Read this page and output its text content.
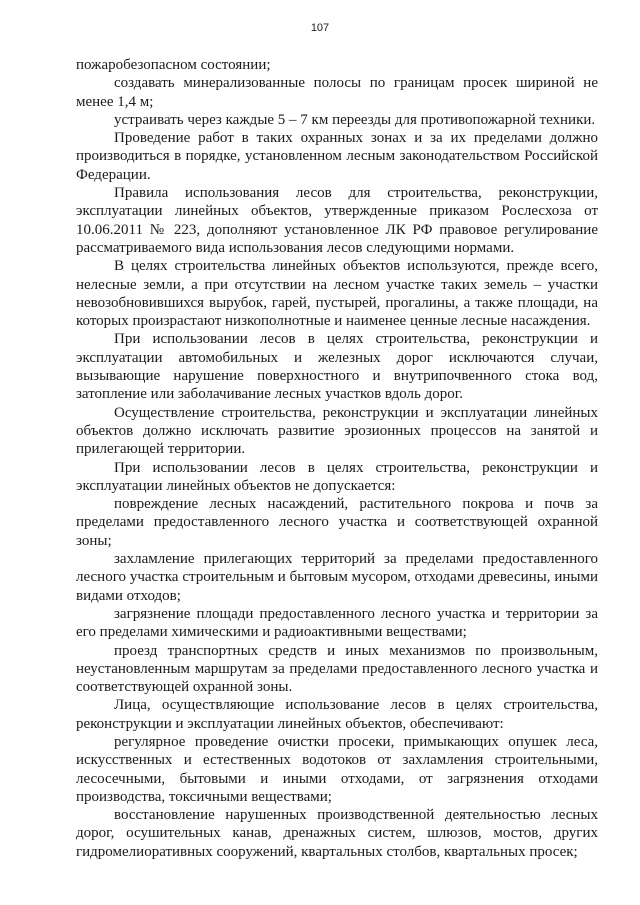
107

пожаробезопасном состоянии;

создавать минерализованные полосы по границам просек шириной не менее 1,4 м;

устраивать через каждые 5 – 7 км переезды для противопожарной техники.

Проведение работ в таких охранных зонах и за их пределами должно производиться в порядке, установленном лесным законодательством Российской Федерации.

Правила использования лесов для строительства, реконструкции, эксплуатации линейных объектов, утвержденные приказом Рослесхоза от 10.06.2011 № 223, дополняют установленное ЛК РФ правовое регулирование рассматриваемого вида использования лесов следующими нормами.

В целях строительства линейных объектов используются, прежде всего, нелесные земли, а при отсутствии на лесном участке таких земель – участки невозобновившихся вырубок, гарей, пустырей, прогалины, а также площади, на которых произрастают низкополнотные и наименее ценные лесные насаждения.

При использовании лесов в целях строительства, реконструкции и эксплуатации автомобильных и железных дорог исключаются случаи, вызывающие нарушение поверхностного и внутрипочвенного стока вод, затопление или заболачивание лесных участков вдоль дорог.

Осуществление строительства, реконструкции и эксплуатации линейных объектов должно исключать развитие эрозионных процессов на занятой и прилегающей территории.

При использовании лесов в целях строительства, реконструкции и эксплуатации линейных объектов не допускается:

повреждение лесных насаждений, растительного покрова и почв за пределами предоставленного лесного участка и соответствующей охранной зоны;

захламление прилегающих территорий за пределами предоставленного лесного участка строительным и бытовым мусором, отходами древесины, иными видами отходов;

загрязнение площади предоставленного лесного участка и территории за его пределами химическими и радиоактивными веществами;

проезд транспортных средств и иных механизмов по произвольным, неустановленным маршрутам за пределами предоставленного лесного участка и соответствующей охранной зоны.

Лица, осуществляющие использование лесов в целях строительства, реконструкции и эксплуатации линейных объектов, обеспечивают:

регулярное проведение очистки просеки, примыкающих опушек леса, искусственных и естественных водотоков от захламления строительными, лесосечными, бытовыми и иными отходами, от загрязнения отходами производства, токсичными веществами;

восстановление нарушенных производственной деятельностью лесных дорог, осушительных канав, дренажных систем, шлюзов, мостов, других гидромелиоративных сооружений, квартальных столбов, квартальных просек;
